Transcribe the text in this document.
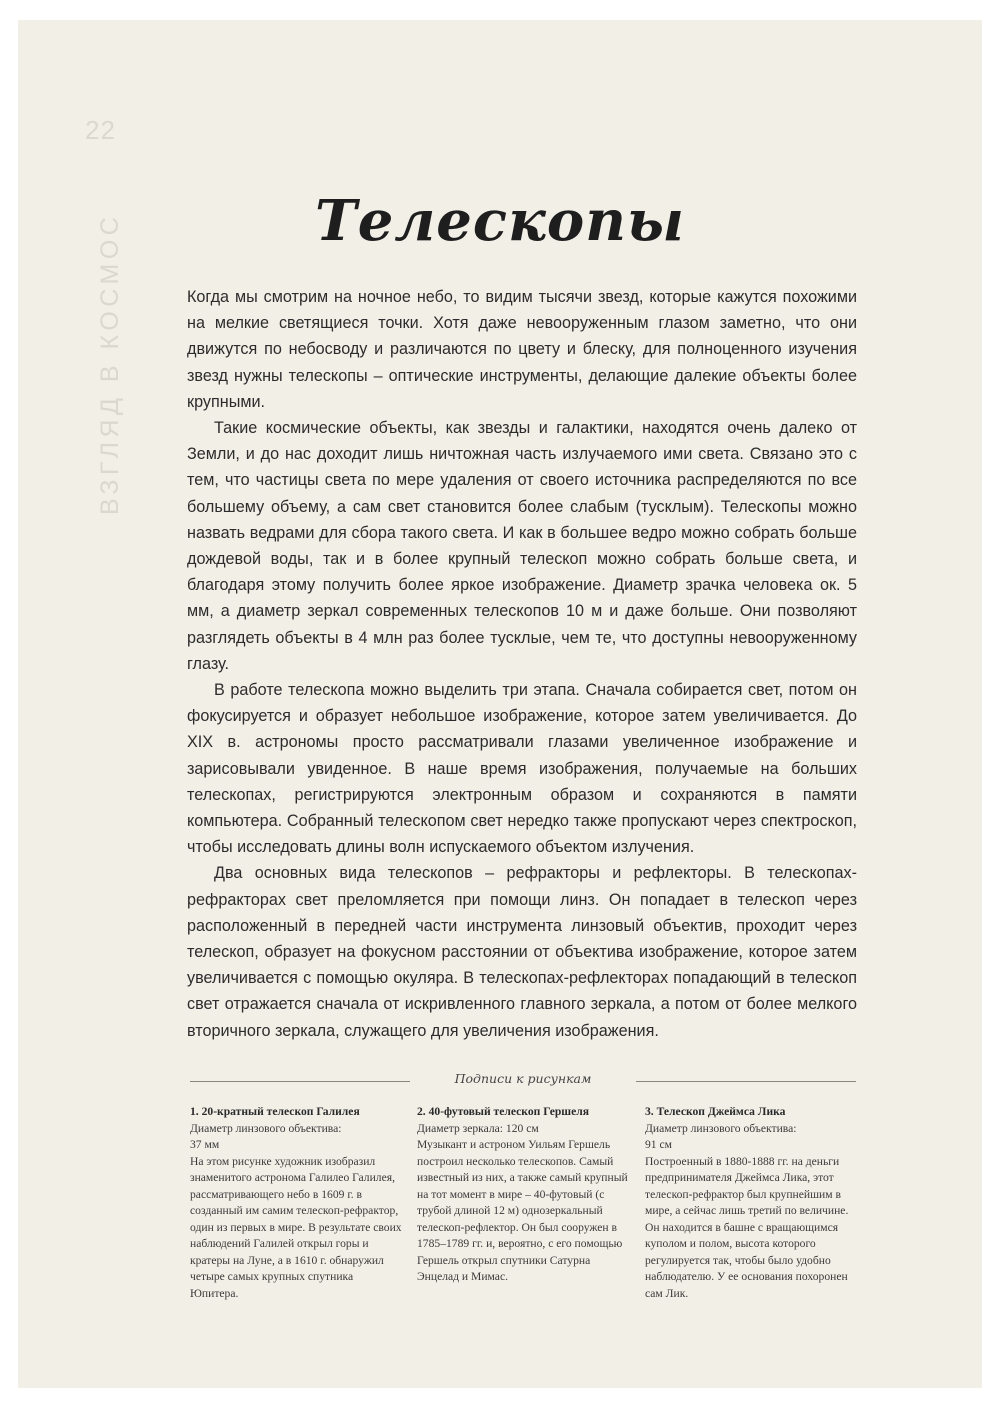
22
ВЗГЛЯД В КОСМОС	Телескопы

Когда мы смотрим на ночное небо, то видим тысячи звезд, которые кажутся похожими на мелкие светящиеся точки. Хотя даже невооруженным глазом заметно, что они движутся по небосводу и различаются по цвету и блеску, для полноценного изучения звезд нужны телескопы – оптические инструменты, делающие далекие объекты более крупными.

Такие космические объекты, как звезды и галактики, находятся очень далеко от Земли, и до нас доходит лишь ничтожная часть излучаемого ими света. Связано это с тем, что частицы света по мере удаления от своего источника распределяются по все большему объему, а сам свет становится более слабым (тусклым). Телескопы можно назвать ведрами для сбора такого света. И как в большее ведро можно собрать больше дождевой воды, так и в более крупный телескоп можно собрать больше света, и благодаря этому получить более яркое изображение. Диаметр зрачка человека ок. 5 мм, а диаметр зеркал современных телескопов 10 м и даже больше. Они позволяют разглядеть объекты в 4 млн раз более тусклые, чем те, что доступны невооруженному глазу.

В работе телескопа можно выделить три этапа. Сначала собирается свет, потом он фокусируется и образует небольшое изображение, которое затем увеличивается. До XIX в. астрономы просто рассматривали глазами увеличенное изображение и зарисовывали увиденное. В наше время изображения, получаемые на больших телескопах, регистрируются электронным образом и сохраняются в памяти компьютера. Собранный телескопом свет нередко также пропускают через спектроскоп, чтобы исследовать длины волн испускаемого объектом излучения.

Два основных вида телескопов – рефракторы и рефлекторы. В телескопах-рефракторах свет преломляется при помощи линз. Он попадает в телескоп через расположенный в передней части инструмента линзовый объектив, проходит через телескоп, образует на фокусном расстоянии от объектива изображение, которое затем увеличивается с помощью окуляра. В телескопах-рефлекторах попадающий в телескоп свет отражается сначала от искривленного главного зеркала, а потом от более мелкого вторичного зеркала, служащего для увеличения изображения.

Подписи к рисункам
1. 20-кратный телескоп Галилея
Диаметр линзового объектива:
37 мм
На этом рисунке художник изобразил знаменитого астронома Галилео Галилея, рассматривающего небо в 1609 г. в созданный им самим телескоп-рефрактор, один из первых в мире. В результате своих наблюдений Галилей открыл горы и кратеры на Луне, а в 1610 г. обнаружил четыре самых крупных спутника Юпитера.
2. 40-футовый телескоп Гершеля
Диаметр зеркала: 120 см
Музыкант и астроном Уильям Гершель построил несколько телескопов. Самый известный из них, а также самый крупный на тот момент в мире – 40-футовый (с трубой длиной 12 м) однозеркальный телескоп-рефлектор. Он был сооружен в 1785–1789 гг. и, вероятно, с его помощью Гершель открыл спутники Сатурна Энцелад и Мимас.
3. Телескоп Джеймса Лика
Диаметр линзового объектива:
91 см
Построенный в 1880-1888 гг. на деньги предпринимателя Джеймса Лика, этот телескоп-рефрактор был крупнейшим в мире, а сейчас лишь третий по величине. Он находится в башне с вращающимся куполом и полом, высота которого регулируется так, чтобы было удобно наблюдателю. У ее основания похоронен сам Лик.
